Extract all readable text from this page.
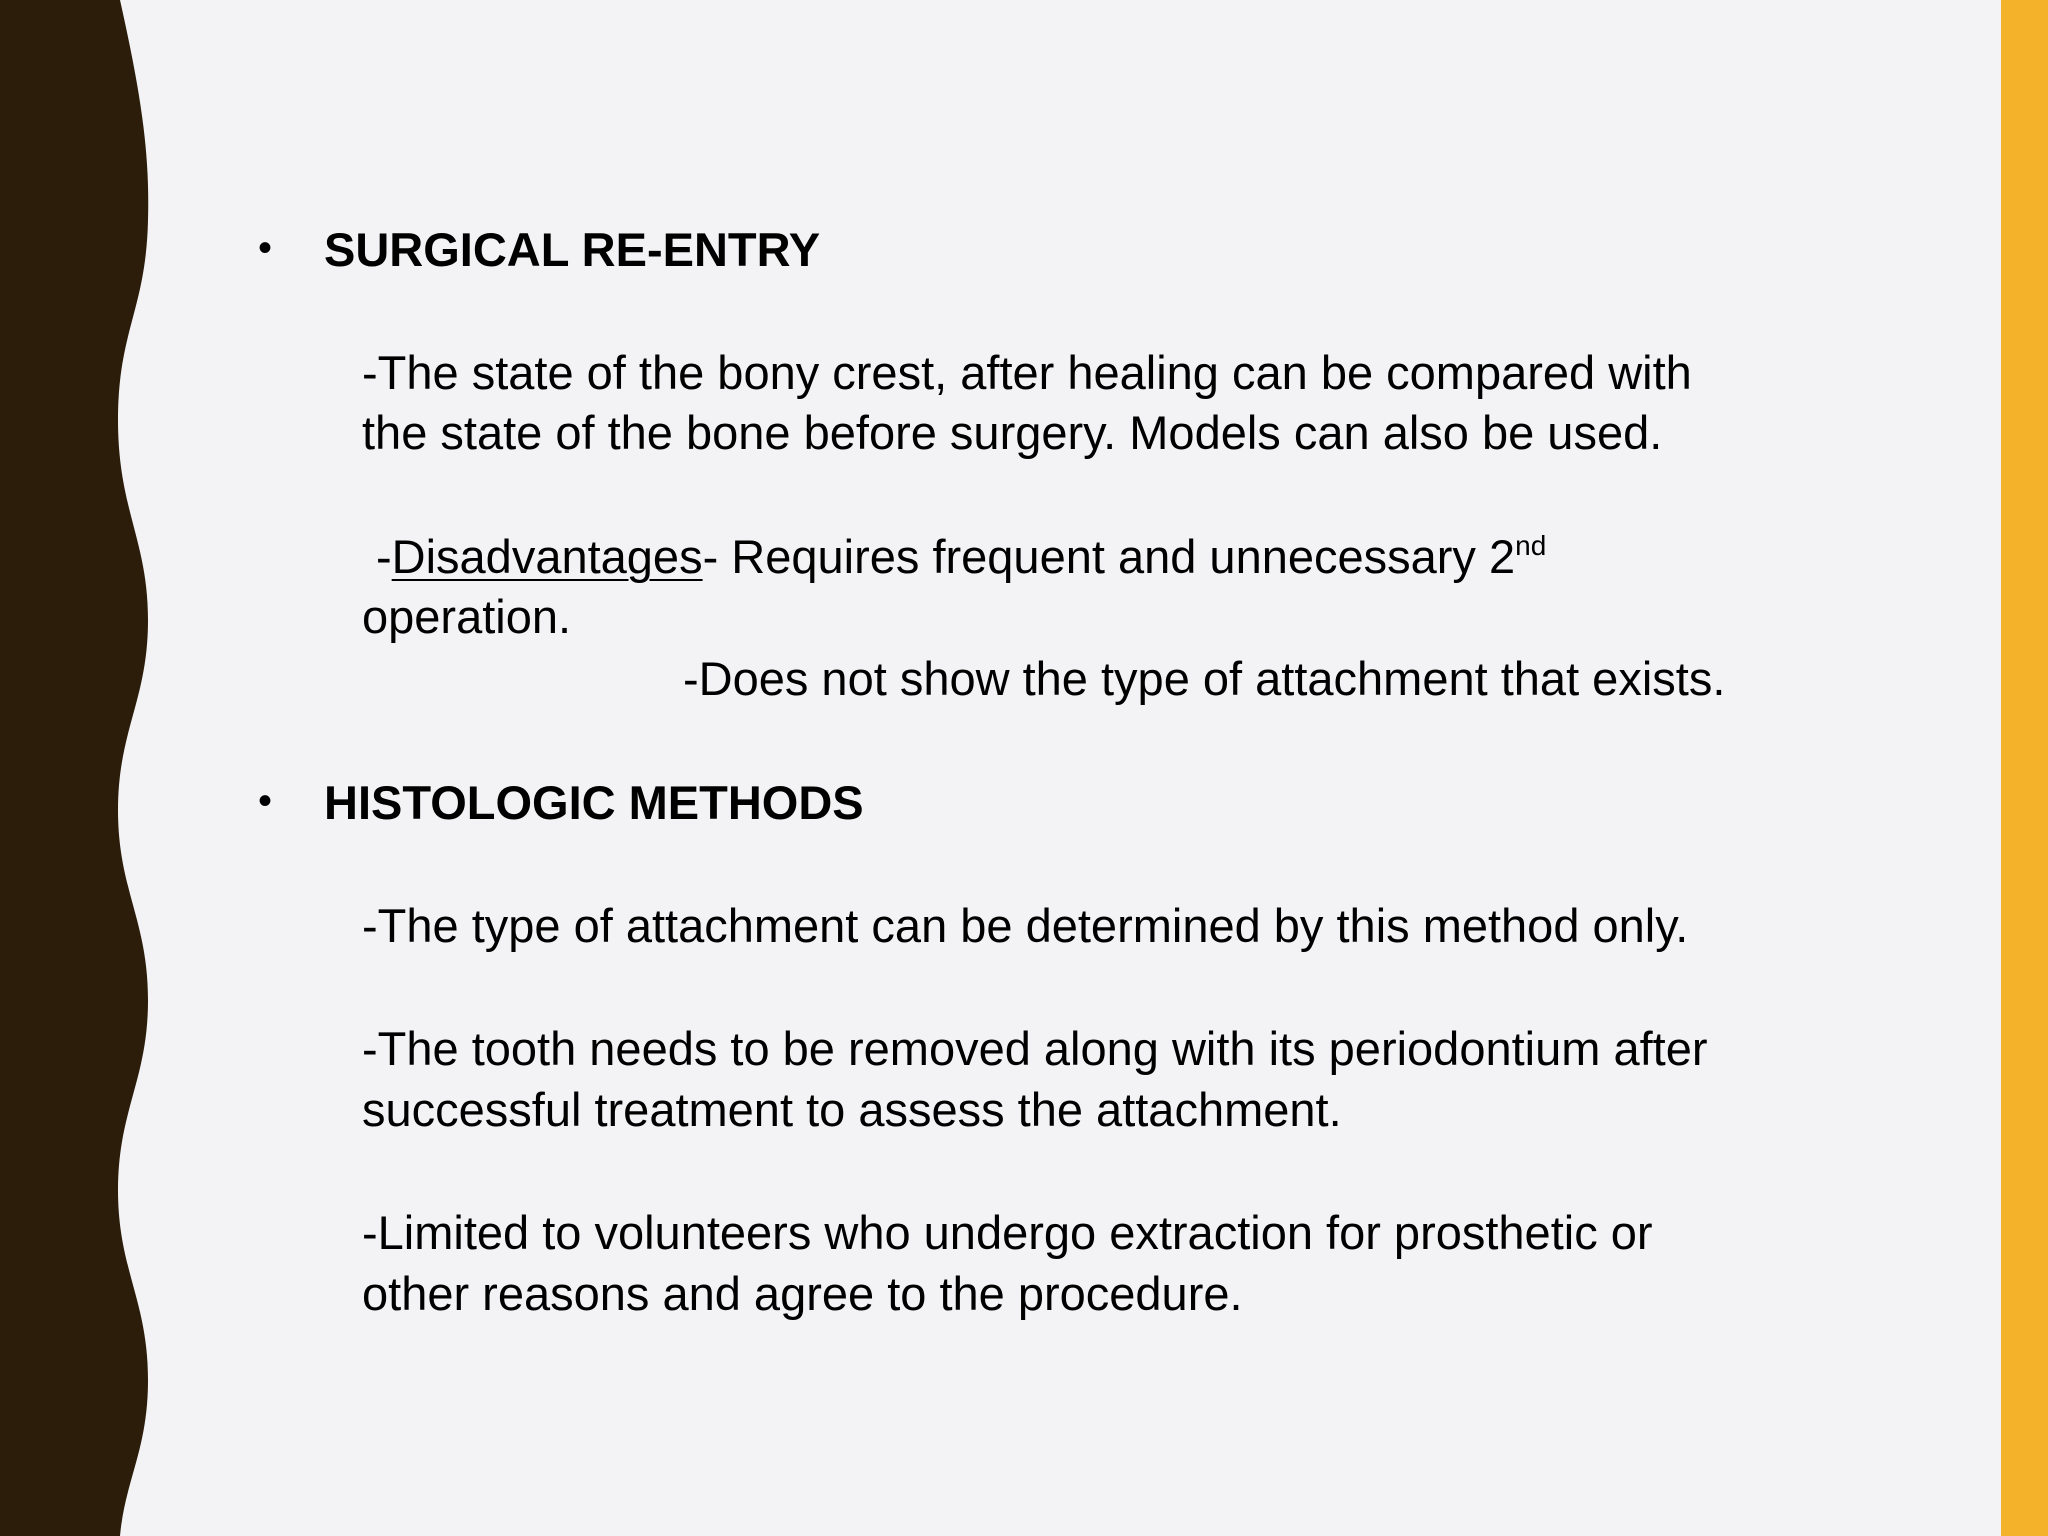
• SURGICAL RE-ENTRY
-The state of the bony crest, after healing can be compared with
the state of the bone before surgery. Models can also be used.
-Disadvantages- Requires frequent and unnecessary 2nd
operation.
-Does not show the type of attachment that exists.
• HISTOLOGIC METHODS
-The type of attachment can be determined by this method only.
-The tooth needs to be removed along with its periodontium after
successful treatment to assess the attachment.
-Limited to volunteers who undergo extraction for prosthetic or
other reasons and agree to the procedure.
